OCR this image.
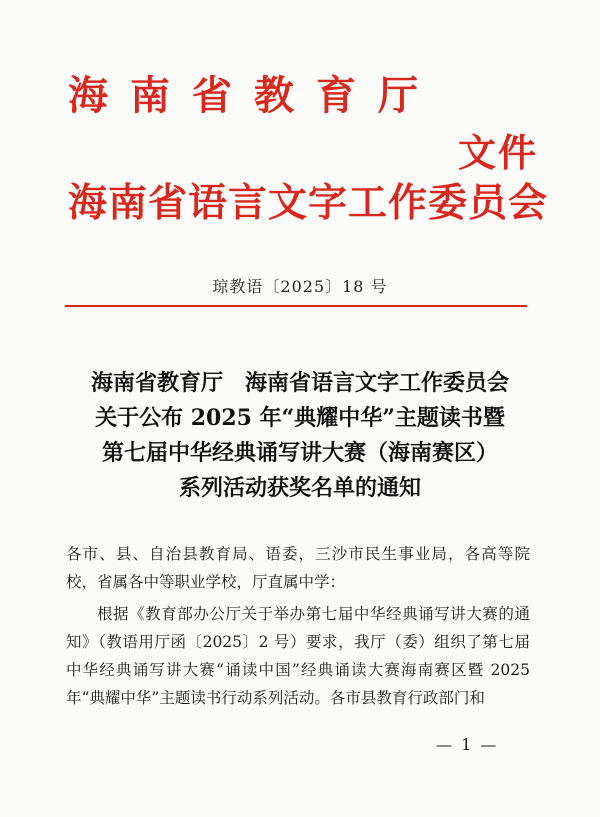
海南省教育厅
文件
海南省语言文字工作委员会
琼教语〔2025〕18 号
海南省教育厅　海南省语言文字工作委员会
关于公布 2025 年“典耀中华”主题读书暨
第七届中华经典诵写讲大赛（海南赛区）
系列活动获奖名单的通知

各市、县、自治县教育局、语委，三沙市民生事业局，各高等院校，省属各中等职业学校，厅直属中学：

根据《教育部办公厅关于举办第七届中华经典诵写讲大赛的通知》（教语用厅函〔2025〕2 号）要求，我厅（委）组织了第七届中华经典诵写讲大赛“诵读中国”经典诵读大赛海南赛区暨 2025 年“典耀中华”主题读书行动系列活动。各市县教育行政部门和

— 1 —
